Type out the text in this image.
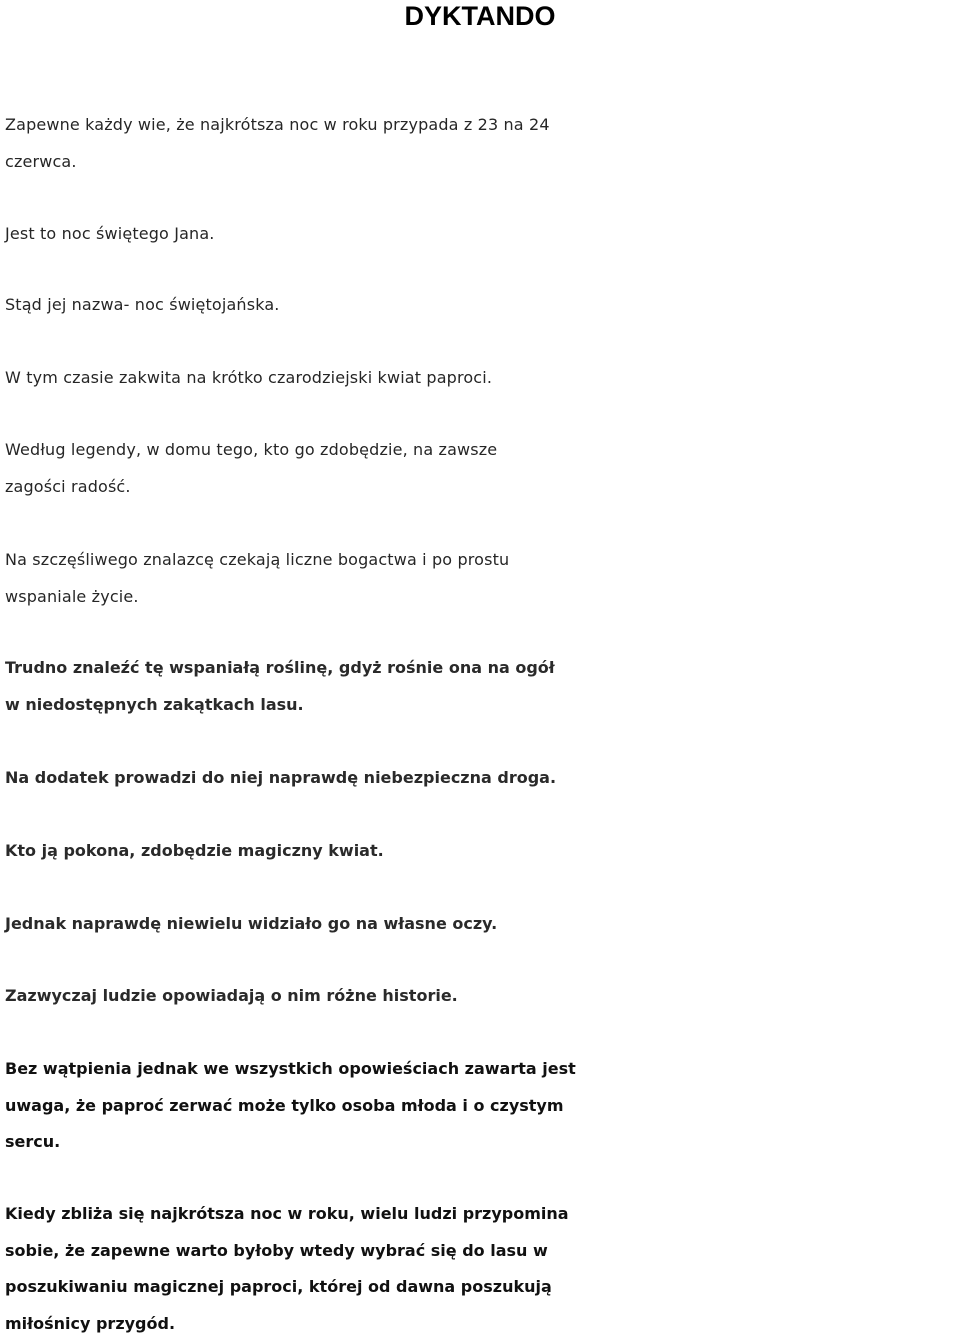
DYKTANDO

Zapewne każdy wie, że najkrótsza noc w roku przypada z 23 na 24
czerwca.

Jest to noc świętego Jana.

Stąd jej nazwa- noc świętojańska.

W tym czasie zakwita na krótko czarodziejski kwiat paproci.

Według legendy, w domu tego, kto go zdobędzie, na zawsze
zagości radość.

Na szczęśliwego znalazcę czekają liczne bogactwa i po prostu
wspaniale życie.

Trudno znaleźć tę wspaniałą roślinę, gdyż rośnie ona na ogół
w niedostępnych zakątkach lasu.

Na dodatek prowadzi do niej naprawdę niebezpieczna droga.

Kto ją pokona, zdobędzie magiczny kwiat.

Jednak naprawdę niewielu widziało go na własne oczy.

Zazwyczaj ludzie opowiadają o nim różne historie.

Bez wątpienia jednak we wszystkich opowieściach zawarta jest
uwaga, że paproć zerwać może tylko osoba młoda i o czystym
sercu.

Kiedy zbliża się najkrótsza noc w roku, wielu ludzi przypomina
sobie, że zapewne warto byłoby wtedy wybrać się do lasu w
poszukiwaniu magicznej paproci, której od dawna poszukują
miłośnicy przygód.
